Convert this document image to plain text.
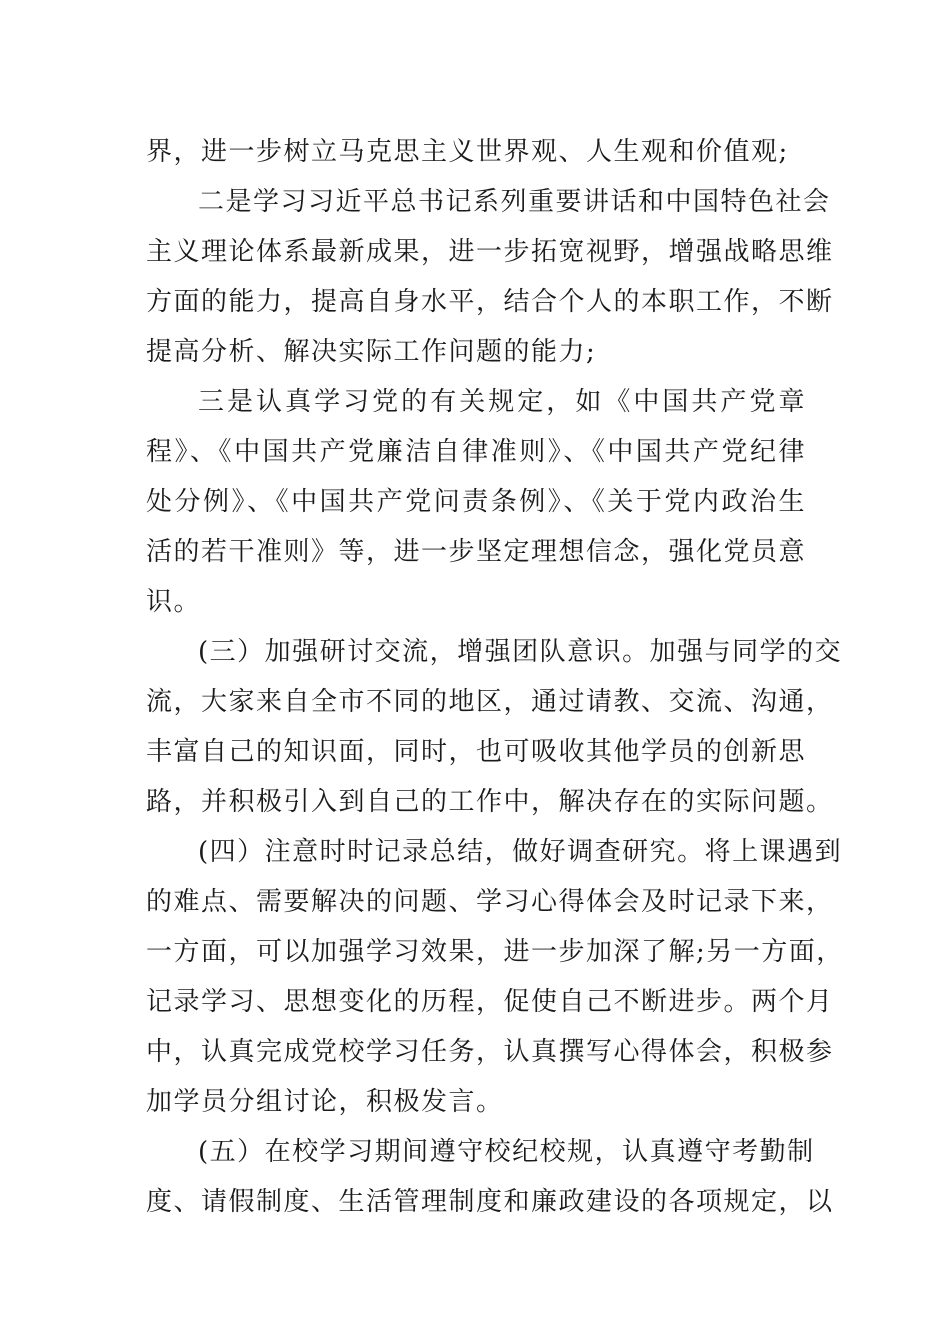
界，进一步树立马克思主义世界观、人生观和价值观;
二是学习习近平总书记系列重要讲话和中国特色社会
主义理论体系最新成果，进一步拓宽视野，增强战略思维
方面的能力，提高自身水平，结合个人的本职工作，不断
提高分析、解决实际工作问题的能力;
三是认真学习党的有关规定，如《中国共产党章
程》、《中国共产党廉洁自律准则》、《中国共产党纪律
处分例》、《中国共产党问责条例》、《关于党内政治生
活的若干准则》等，进一步坚定理想信念，强化党员意
识。
(三）加强研讨交流，增强团队意识。加强与同学的交
流，大家来自全市不同的地区，通过请教、交流、沟通，
丰富自己的知识面，同时，也可吸收其他学员的创新思
路，并积极引入到自己的工作中，解决存在的实际问题。
(四）注意时时记录总结，做好调查研究。将上课遇到
的难点、需要解决的问题、学习心得体会及时记录下来，
一方面，可以加强学习效果，进一步加深了解;另一方面，
记录学习、思想变化的历程，促使自己不断进步。两个月
中，认真完成党校学习任务，认真撰写心得体会，积极参
加学员分组讨论，积极发言。
(五）在校学习期间遵守校纪校规，认真遵守考勤制
度、请假制度、生活管理制度和廉政建设的各项规定，以
